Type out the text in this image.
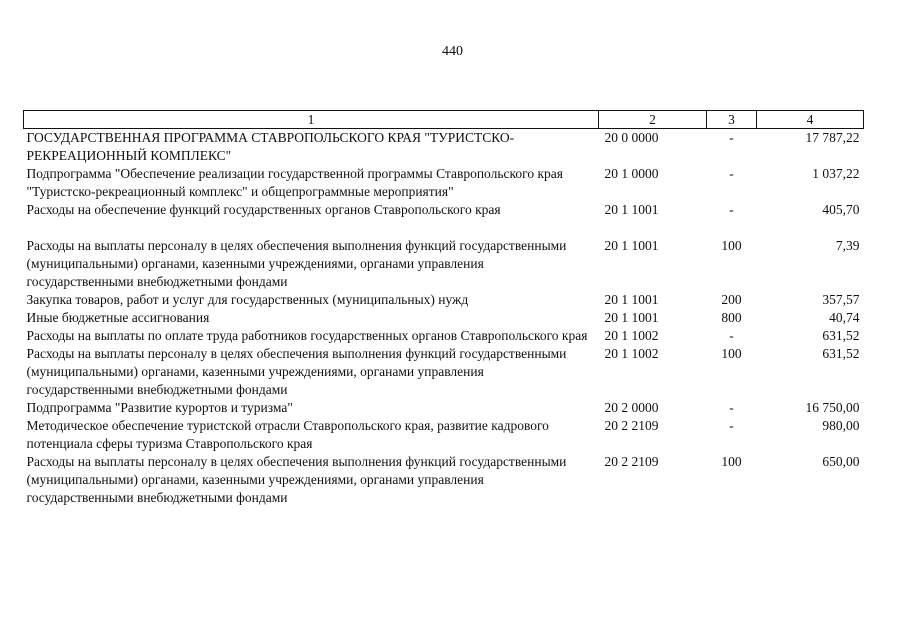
440
1	2	3	4
ГОСУДАРСТВЕННАЯ ПРОГРАММА СТАВРОПОЛЬСКОГО КРАЯ "ТУРИСТСКО-РЕКРЕАЦИОННЫЙ КОМПЛЕКС"	20 0 0000	-	17 787,22
Подпрограмма "Обеспечение реализации государственной программы Ставропольского края "Туристско-рекреационный комплекс" и общепрограммные мероприятия"	20 1 0000	-	1 037,22
Расходы на обеспечение функций государственных органов Ставропольского края	20 1 1001	-	405,70
Расходы на выплаты персоналу в целях обеспечения выполнения функций государственными (муниципальными) органами, казенными учреждениями, органами управления государственными внебюджетными фондами	20 1 1001	100	7,39
Закупка товаров, работ и услуг для государственных (муниципальных) нужд	20 1 1001	200	357,57
Иные бюджетные ассигнования	20 1 1001	800	40,74
Расходы на выплаты по оплате труда работников государственных органов Ставропольского края	20 1 1002	-	631,52
Расходы на выплаты персоналу в целях обеспечения выполнения функций государственными (муниципальными) органами, казенными учреждениями, органами управления государственными внебюджетными фондами	20 1 1002	100	631,52
Подпрограмма "Развитие курортов и туризма"	20 2 0000	-	16 750,00
Методическое обеспечение туристской отрасли Ставропольского края, развитие кадрового потенциала сферы туризма Ставропольского края	20 2 2109	-	980,00
Расходы на выплаты персоналу в целях обеспечения выполнения функций государственными (муниципальными) органами, казенными учреждениями, органами управления государственными внебюджетными фондами	20 2 2109	100	650,00
